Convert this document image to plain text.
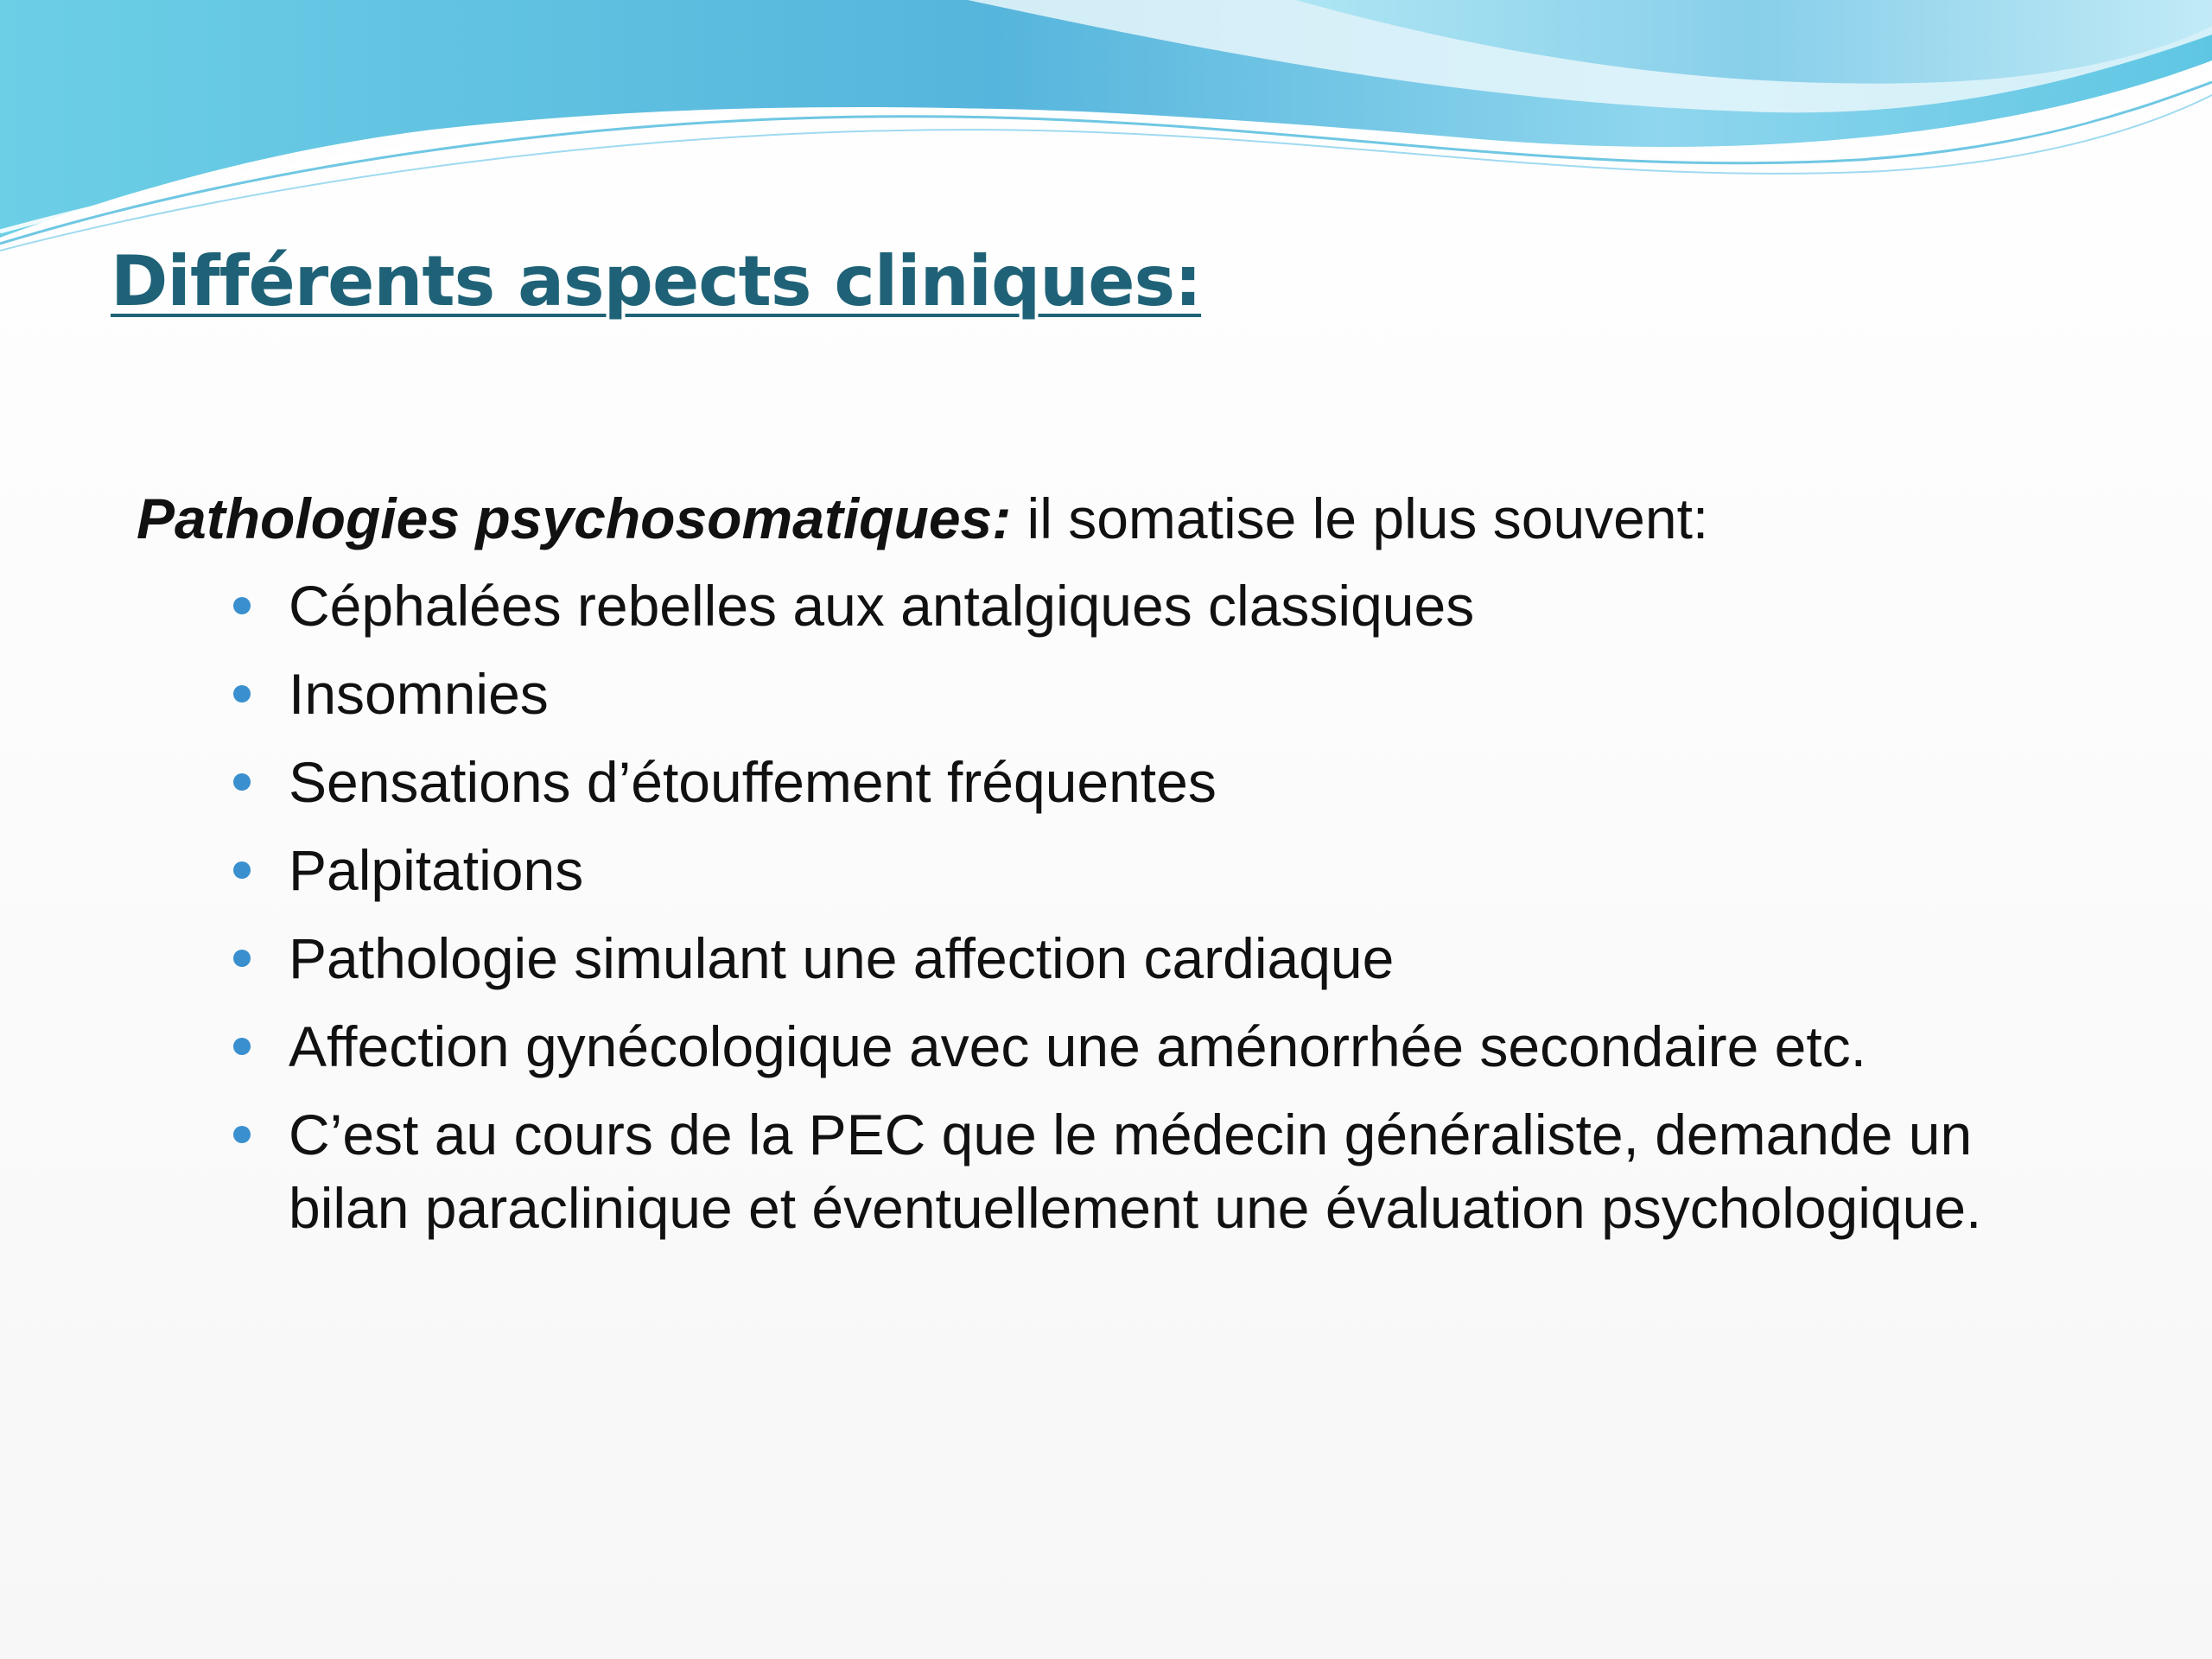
Différents aspects cliniques:

Pathologies psychosomatiques: il somatise le plus souvent:

Céphalées rebelles aux antalgiques classiques
Insomnies
Sensations d’étouffement fréquentes
Palpitations
Pathologie simulant une affection cardiaque
Affection gynécologique avec une aménorrhée secondaire etc.
C’est au cours de la PEC que le médecin généraliste, demande un bilan paraclinique et éventuellement une évaluation psychologique.
